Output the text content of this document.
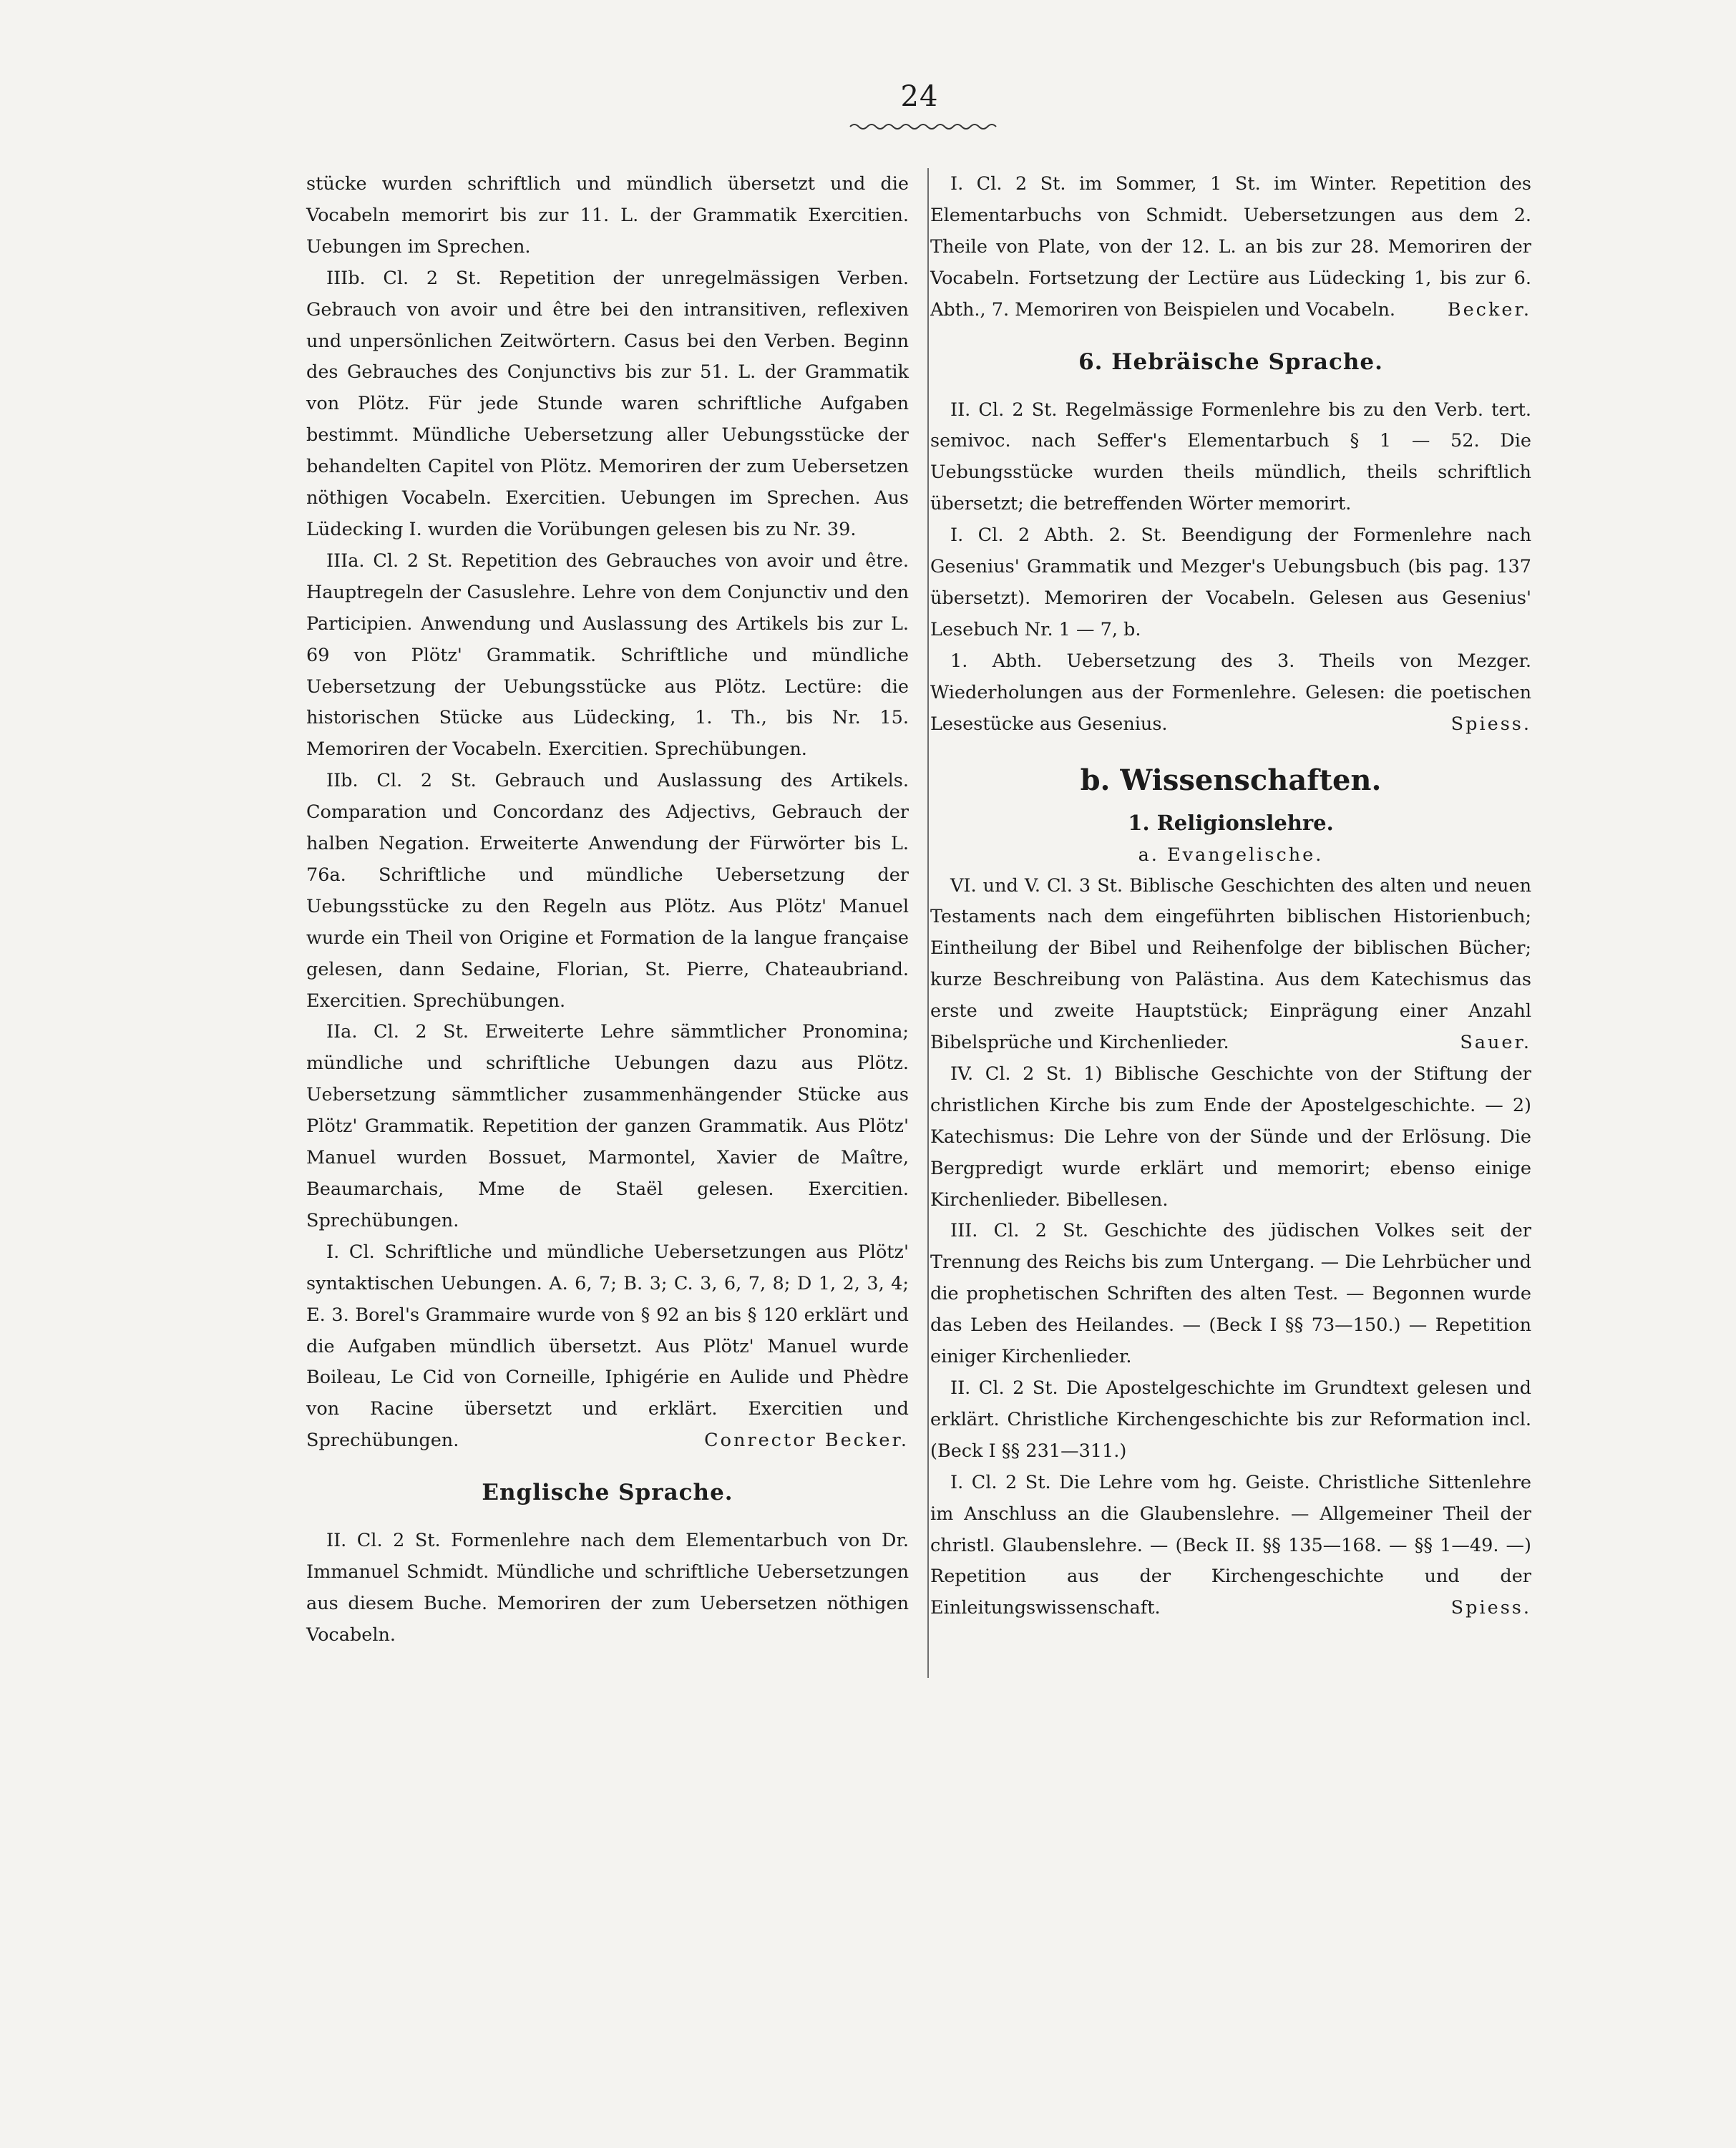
24

stücke wurden schriftlich und mündlich übersetzt und die Vocabeln memorirt bis zur 11. L. der Grammatik Exercitien. Uebungen im Sprechen.

IIIb. Cl. 2 St. Repetition der unregelmässigen Verben. Gebrauch von avoir und être bei den intransitiven, reflexiven und unpersönlichen Zeitwörtern. Casus bei den Verben. Beginn des Gebrauches des Conjunctivs bis zur 51. L. der Grammatik von Plötz. Für jede Stunde waren schriftliche Aufgaben bestimmt. Mündliche Uebersetzung aller Uebungsstücke der behandelten Capitel von Plötz. Memoriren der zum Uebersetzen nöthigen Vocabeln. Exercitien. Uebungen im Sprechen. Aus Lüdecking I. wurden die Vorübungen gelesen bis zu Nr. 39.

IIIa. Cl. 2 St. Repetition des Gebrauches von avoir und être. Hauptregeln der Casuslehre. Lehre von dem Conjunctiv und den Participien. Anwendung und Auslassung des Artikels bis zur L. 69 von Plötz' Grammatik. Schriftliche und mündliche Uebersetzung der Uebungsstücke aus Plötz. Lectüre: die historischen Stücke aus Lüdecking, 1. Th., bis Nr. 15. Memoriren der Vocabeln. Exercitien. Sprechübungen.

IIb. Cl. 2 St. Gebrauch und Auslassung des Artikels. Comparation und Concordanz des Adjectivs, Gebrauch der halben Negation. Erweiterte Anwendung der Fürwörter bis L. 76a. Schriftliche und mündliche Uebersetzung der Uebungsstücke zu den Regeln aus Plötz. Aus Plötz' Manuel wurde ein Theil von Origine et Formation de la langue française gelesen, dann Sedaine, Florian, St. Pierre, Chateaubriand. Exercitien. Sprechübungen.

IIa. Cl. 2 St. Erweiterte Lehre sämmtlicher Pronomina; mündliche und schriftliche Uebungen dazu aus Plötz. Uebersetzung sämmtlicher zusammenhängender Stücke aus Plötz' Grammatik. Repetition der ganzen Grammatik. Aus Plötz' Manuel wurden Bossuet, Marmontel, Xavier de Maître, Beaumarchais, Mme de Staël gelesen. Exercitien. Sprechübungen.

I. Cl. Schriftliche und mündliche Uebersetzungen aus Plötz' syntaktischen Uebungen. A. 6, 7; B. 3; C. 3, 6, 7, 8; D 1, 2, 3, 4; E. 3. Borel's Grammaire wurde von § 92 an bis § 120 erklärt und die Aufgaben mündlich übersetzt. Aus Plötz' Manuel wurde Boileau, Le Cid von Corneille, Iphigérie en Aulide und Phèdre von Racine übersetzt und erklärt. Exercitien und Sprechübungen.	Conrector Becker.

Englische Sprache.

II. Cl. 2 St. Formenlehre nach dem Elementarbuch von Dr. Immanuel Schmidt. Mündliche und schriftliche Uebersetzungen aus diesem Buche. Memoriren der zum Uebersetzen nöthigen Vocabeln.

I. Cl. 2 St. im Sommer, 1 St. im Winter. Repetition des Elementarbuchs von Schmidt. Uebersetzungen aus dem 2. Theile von Plate, von der 12. L. an bis zur 28. Memoriren der Vocabeln. Fortsetzung der Lectüre aus Lüdecking 1, bis zur 6. Abth., 7. Memoriren von Beispielen und Vocabeln.	Becker.

6. Hebräische Sprache.

II. Cl. 2 St. Regelmässige Formenlehre bis zu den Verb. tert. semivoc. nach Seffer's Elementarbuch § 1 — 52. Die Uebungsstücke wurden theils mündlich, theils schriftlich übersetzt; die betreffenden Wörter memorirt.

I. Cl. 2 Abth. 2. St. Beendigung der Formenlehre nach Gesenius' Grammatik und Mezger's Uebungsbuch (bis pag. 137 übersetzt). Memoriren der Vocabeln. Gelesen aus Gesenius' Lesebuch Nr. 1 — 7, b.

1. Abth. Uebersetzung des 3. Theils von Mezger. Wiederholungen aus der Formenlehre. Gelesen: die poetischen Lesestücke aus Gesenius.	Spiess.

b. Wissenschaften.
1. Religionslehre.
a. Evangelische.

VI. und V. Cl. 3 St. Biblische Geschichten des alten und neuen Testaments nach dem eingeführten biblischen Historienbuch; Eintheilung der Bibel und Reihenfolge der biblischen Bücher; kurze Beschreibung von Palästina. Aus dem Katechismus das erste und zweite Hauptstück; Einprägung einer Anzahl Bibelsprüche und Kirchenlieder.	Sauer.

IV. Cl. 2 St. 1) Biblische Geschichte von der Stiftung der christlichen Kirche bis zum Ende der Apostelgeschichte. — 2) Katechismus: Die Lehre von der Sünde und der Erlösung. Die Bergpredigt wurde erklärt und memorirt; ebenso einige Kirchenlieder. Bibellesen.

III. Cl. 2 St. Geschichte des jüdischen Volkes seit der Trennung des Reichs bis zum Untergang. — Die Lehrbücher und die prophetischen Schriften des alten Test. — Begonnen wurde das Leben des Heilandes. — (Beck I §§ 73—150.) — Repetition einiger Kirchenlieder.

II. Cl. 2 St. Die Apostelgeschichte im Grundtext gelesen und erklärt. Christliche Kirchengeschichte bis zur Reformation incl. (Beck I §§ 231—311.)

I. Cl. 2 St. Die Lehre vom hg. Geiste. Christliche Sittenlehre im Anschluss an die Glaubenslehre. — Allgemeiner Theil der christl. Glaubenslehre. — (Beck II. §§ 135—168. — §§ 1—49. —) Repetition aus der Kirchengeschichte und der Einleitungswissenschaft.	Spiess.
